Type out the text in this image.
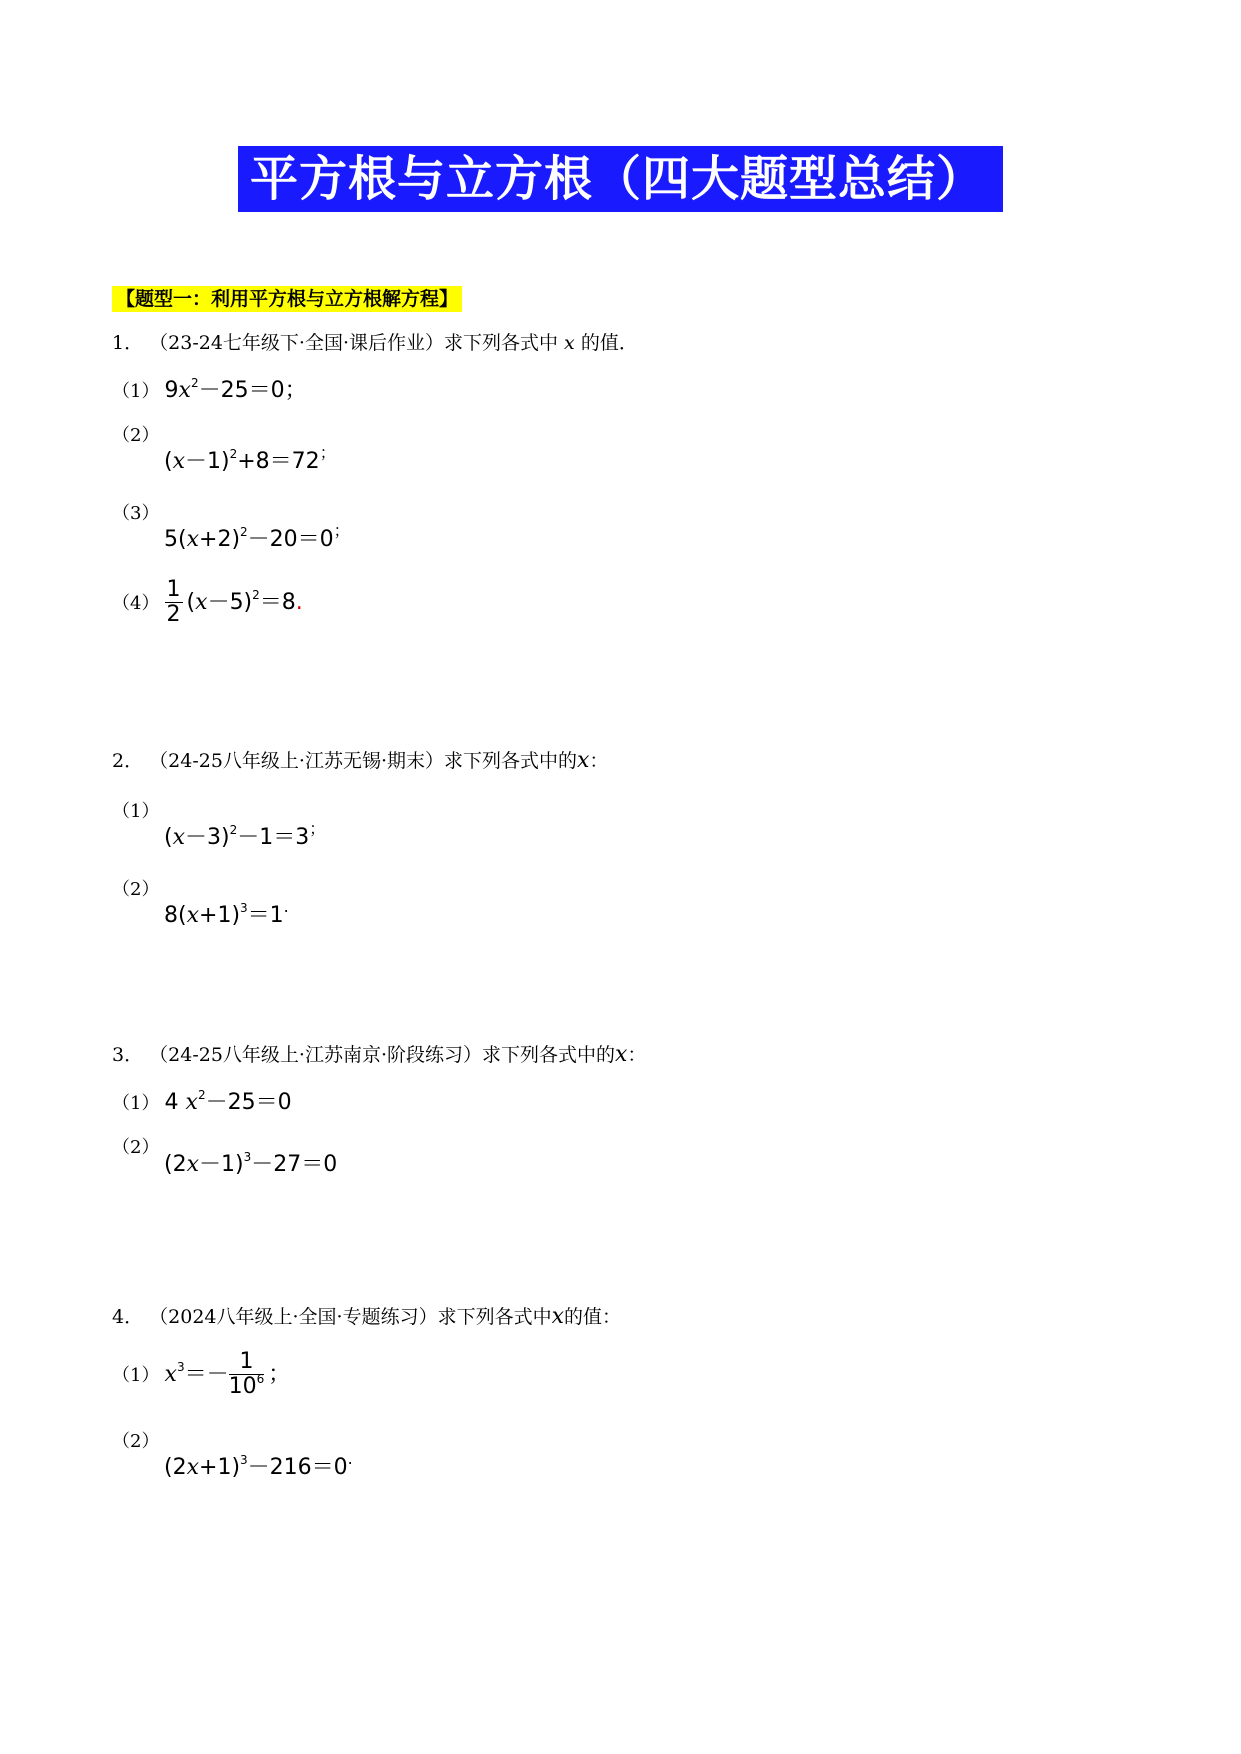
平方根与立方根（四大题型总结）
【题型一：利用平方根与立方根解方程】
1． （23-24七年级下·全国·课后作业）求下列各式中 x 的值．
（1） $9x^2-25=0$；
（2）
$(x-1)^2+8=72^;$
（3）
$5(x+2)^2-20=0^;$
$(4) \frac{1}{2} (x-5)^2=8$.
2． （24-25八年级上·江苏无锡·期末）求下列各式中的x：
（1）
$(x-3)^2-1=3^;$
（2）
$8(x+1)^3=1^.$
3． （24-25八年级上·江苏南京·阶段练习）求下列各式中的x：
（1） 4 $x^2-25=0$
（2）
$(2x-1)^3-27=0$
4． （2024八年级上·全国·专题练习）求下列各式中x的值：
（1） $x^3=- \frac{1}{10^6}$ ；
（2）
$(2x+1)^3-216=0^.$
